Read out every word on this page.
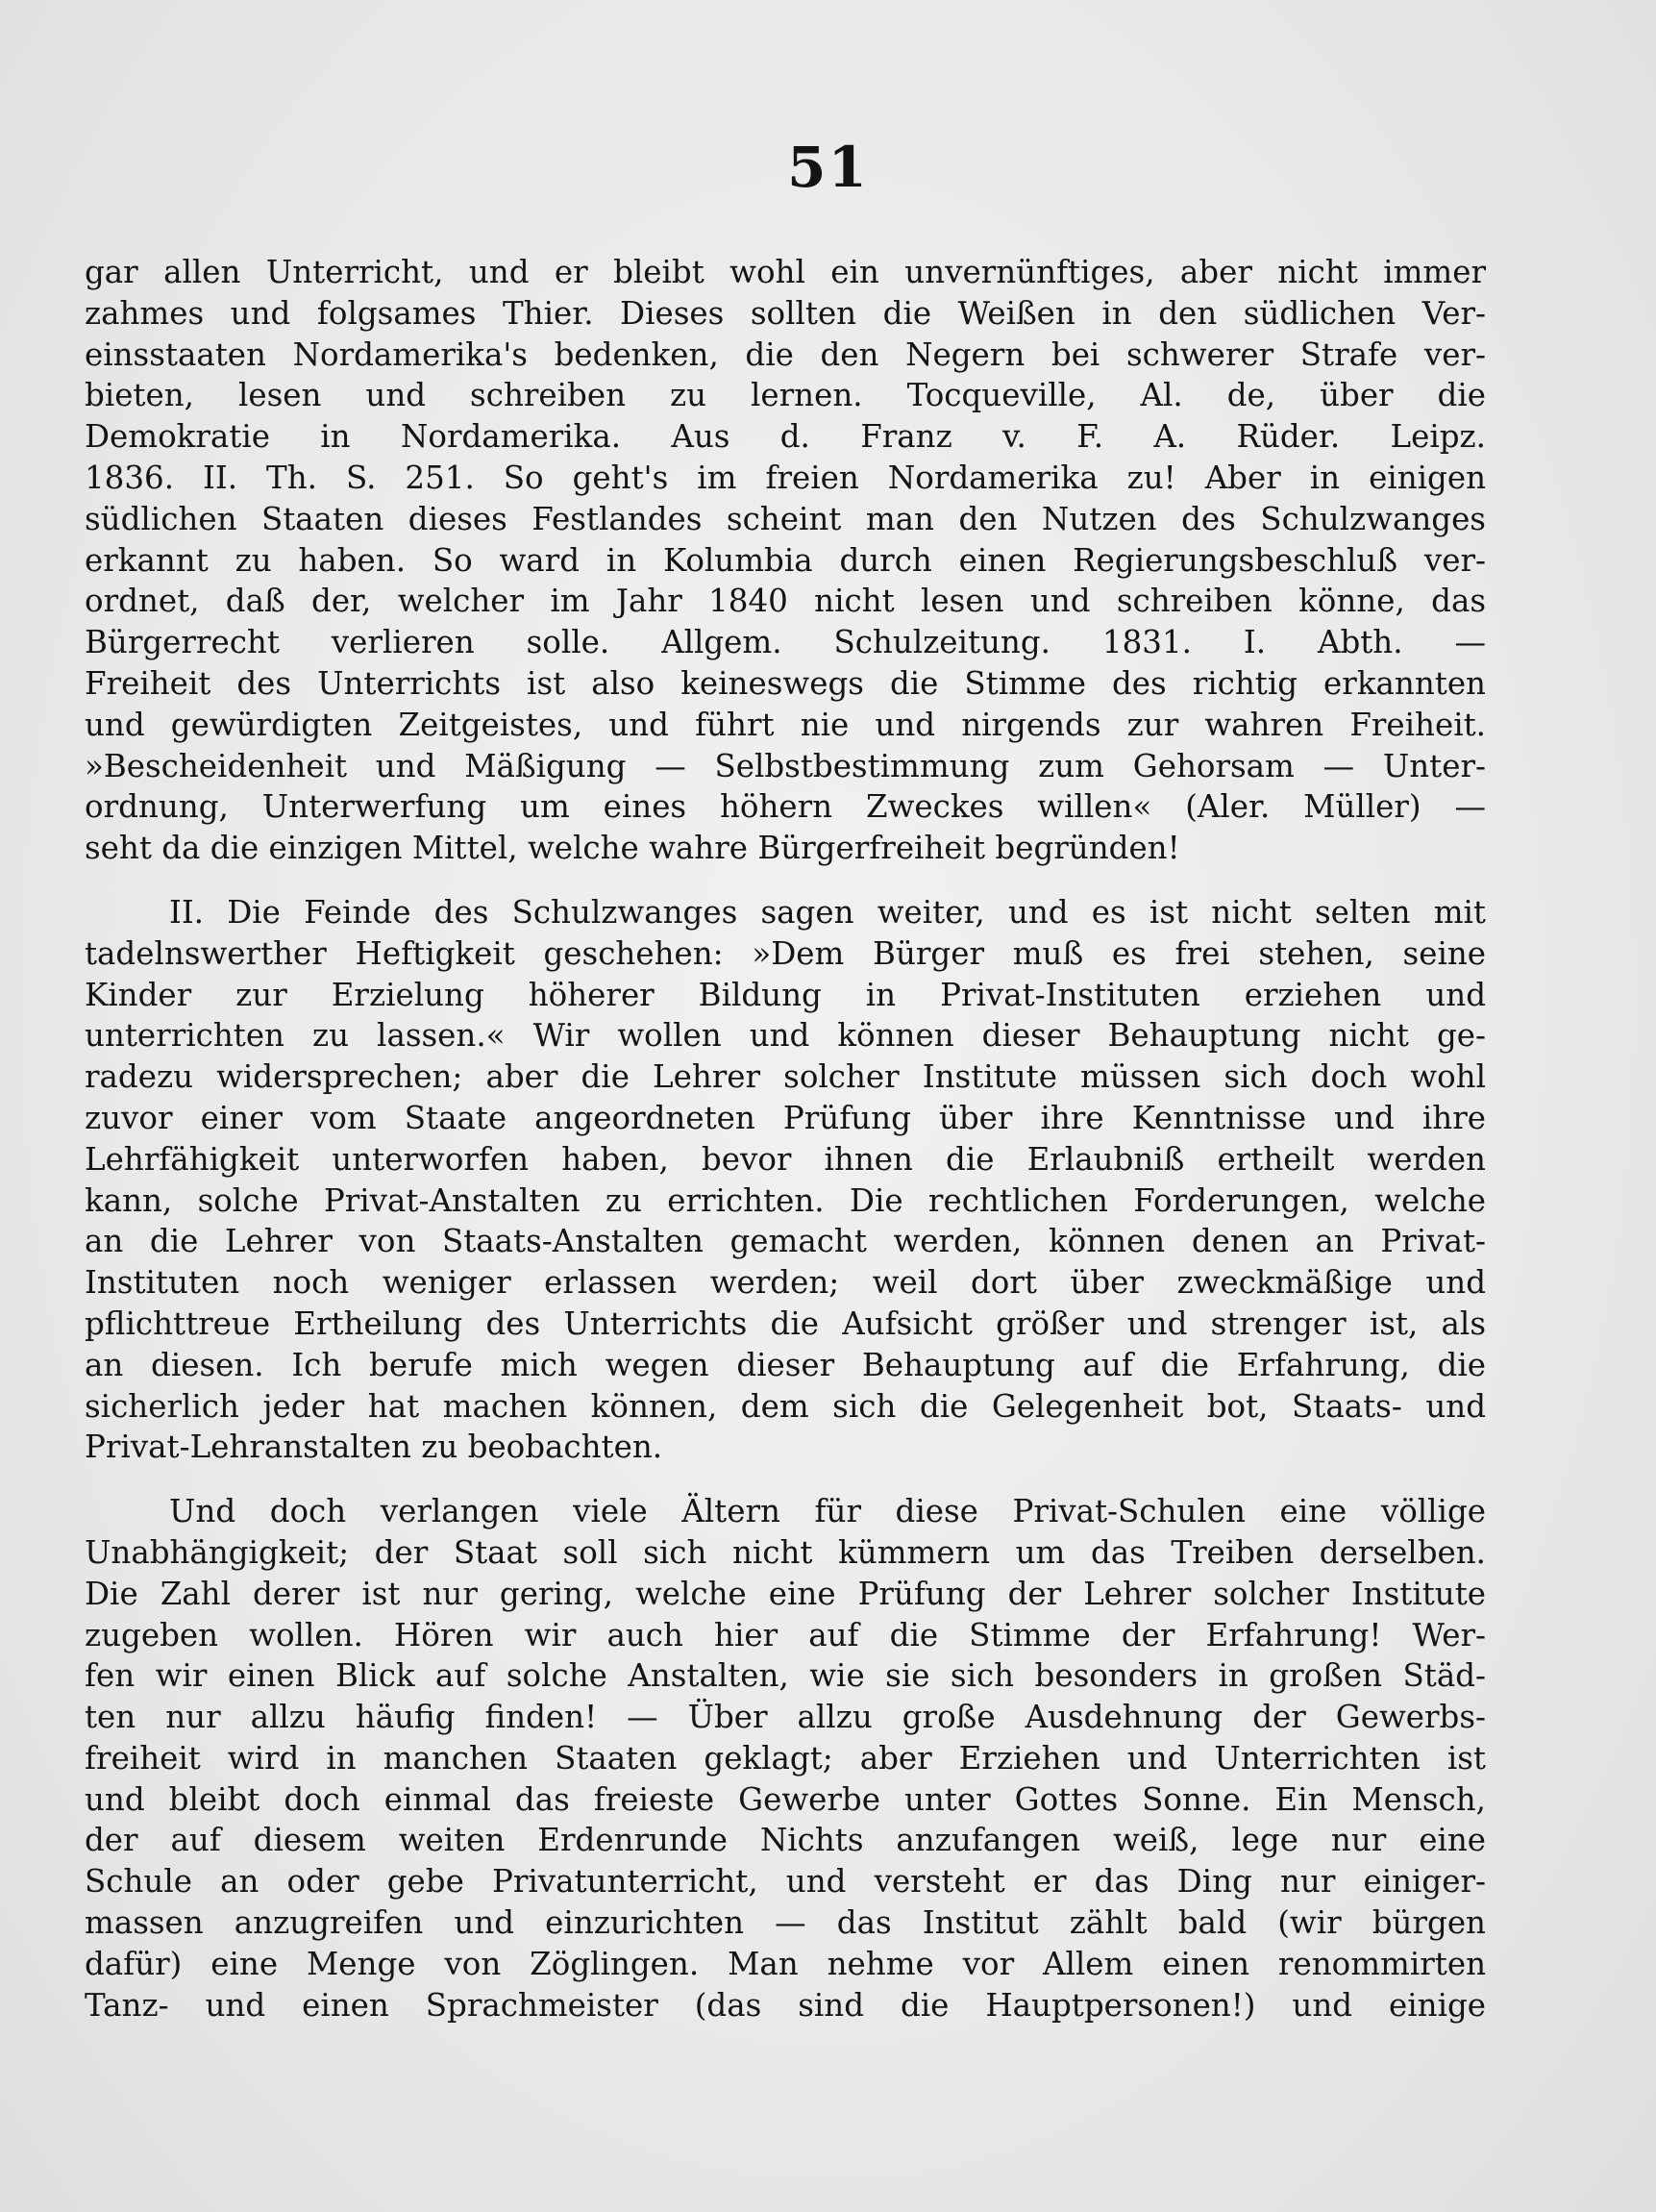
51
gar allen Unterricht, und er bleibt wohl ein unvernünftiges, aber nicht immer
zahmes und folgsames Thier. Dieses sollten die Weißen in den südlichen Ver-
einsstaaten Nordamerika's bedenken, die den Negern bei schwerer Strafe ver-
bieten, lesen und schreiben zu lernen. Tocqueville, Al. de, über die
Demokratie in Nordamerika. Aus d. Franz v. F. A. Rüder. Leipz.
1836. II. Th. S. 251. So geht's im freien Nordamerika zu! Aber in einigen
südlichen Staaten dieses Festlandes scheint man den Nutzen des Schulzwanges
erkannt zu haben. So ward in Kolumbia durch einen Regierungsbeschluß ver-
ordnet, daß der, welcher im Jahr 1840 nicht lesen und schreiben könne, das
Bürgerrecht verlieren solle. Allgem. Schulzeitung. 1831. I. Abth. —
Freiheit des Unterrichts ist also keineswegs die Stimme des richtig erkannten
und gewürdigten Zeitgeistes, und führt nie und nirgends zur wahren Freiheit.
»Bescheidenheit und Mäßigung — Selbstbestimmung zum Gehorsam — Unter-
ordnung, Unterwerfung um eines höhern Zweckes willen« (Aler. Müller) —
seht da die einzigen Mittel, welche wahre Bürgerfreiheit begründen!
II. Die Feinde des Schulzwanges sagen weiter, und es ist nicht selten mit
tadelnswerther Heftigkeit geschehen: »Dem Bürger muß es frei stehen, seine
Kinder zur Erzielung höherer Bildung in Privat-Instituten erziehen und
unterrichten zu lassen.« Wir wollen und können dieser Behauptung nicht ge-
radezu widersprechen; aber die Lehrer solcher Institute müssen sich doch wohl
zuvor einer vom Staate angeordneten Prüfung über ihre Kenntnisse und ihre
Lehrfähigkeit unterworfen haben, bevor ihnen die Erlaubniß ertheilt werden
kann, solche Privat-Anstalten zu errichten. Die rechtlichen Forderungen, welche
an die Lehrer von Staats-Anstalten gemacht werden, können denen an Privat-
Instituten noch weniger erlassen werden; weil dort über zweckmäßige und
pflichttreue Ertheilung des Unterrichts die Aufsicht größer und strenger ist, als
an diesen. Ich berufe mich wegen dieser Behauptung auf die Erfahrung, die
sicherlich jeder hat machen können, dem sich die Gelegenheit bot, Staats- und
Privat-Lehranstalten zu beobachten.
Und doch verlangen viele Ältern für diese Privat-Schulen eine völlige
Unabhängigkeit; der Staat soll sich nicht kümmern um das Treiben derselben.
Die Zahl derer ist nur gering, welche eine Prüfung der Lehrer solcher Institute
zugeben wollen. Hören wir auch hier auf die Stimme der Erfahrung! Wer-
fen wir einen Blick auf solche Anstalten, wie sie sich besonders in großen Städ-
ten nur allzu häufig finden! — Über allzu große Ausdehnung der Gewerbs-
freiheit wird in manchen Staaten geklagt; aber Erziehen und Unterrichten ist
und bleibt doch einmal das freieste Gewerbe unter Gottes Sonne. Ein Mensch,
der auf diesem weiten Erdenrunde Nichts anzufangen weiß, lege nur eine
Schule an oder gebe Privatunterricht, und versteht er das Ding nur einiger-
massen anzugreifen und einzurichten — das Institut zählt bald (wir bürgen
dafür) eine Menge von Zöglingen. Man nehme vor Allem einen renommirten
Tanz- und einen Sprachmeister (das sind die Hauptpersonen!) und einige
